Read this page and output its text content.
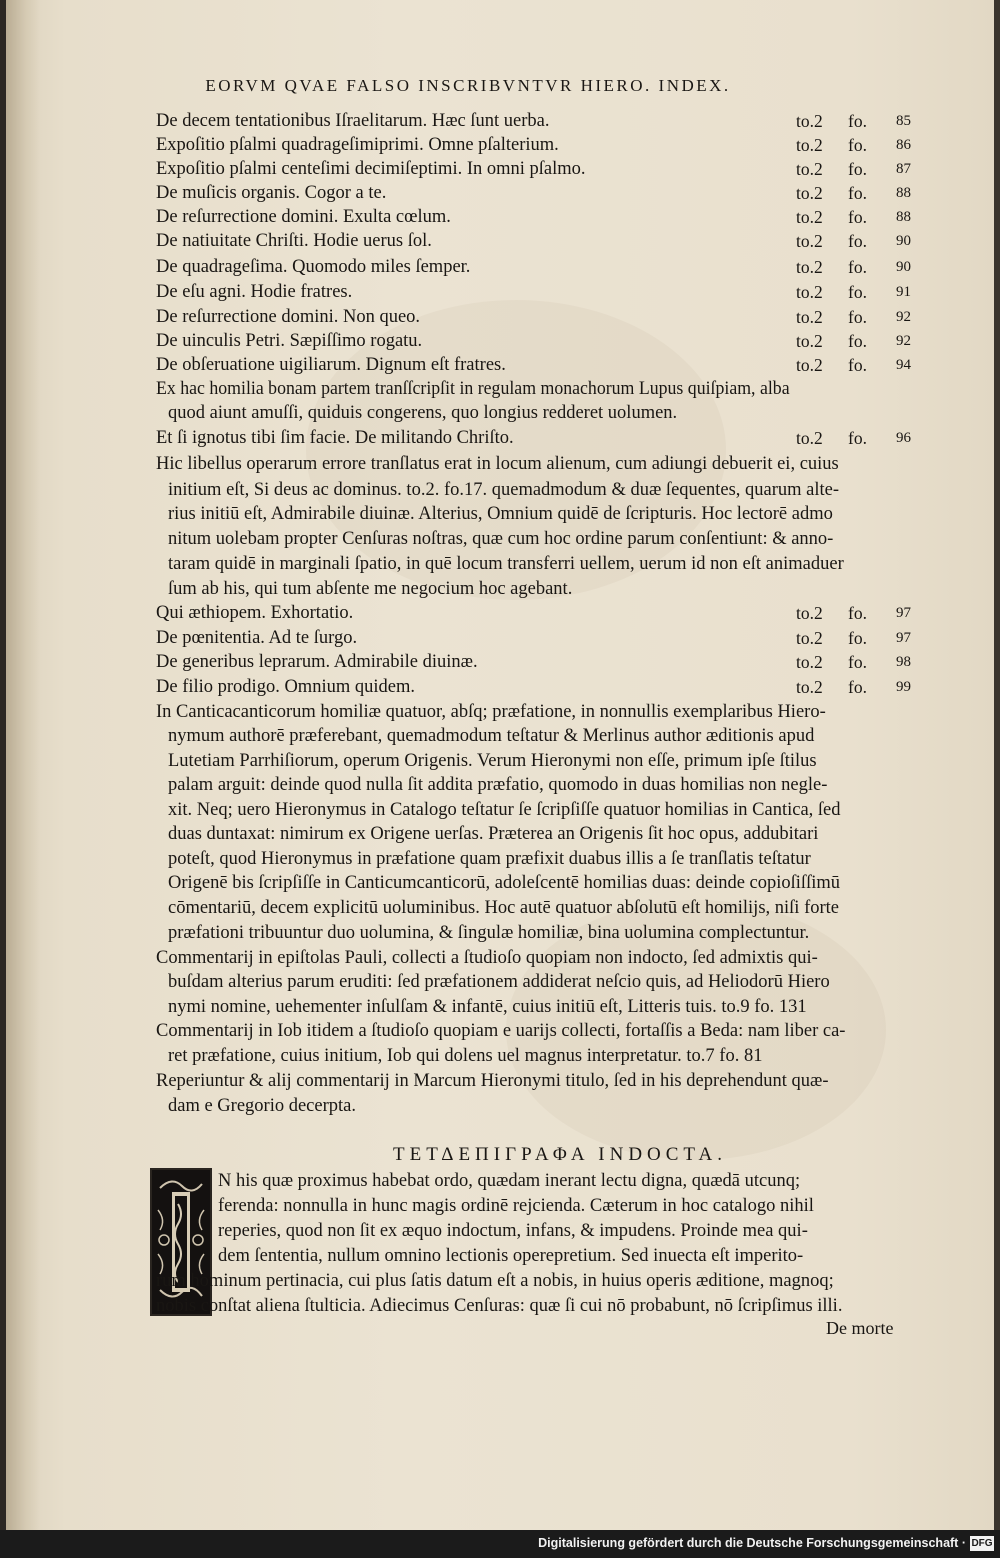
EORVM QVAE FALSO INSCRIBVNTVR HIERO. INDEX.
De decem tentationibus Iſraelitarum. Hæc ſunt uerba.	to.2 fo. 85
Expoſitio pſalmi quadrageſimiprimi. Omne pſalterium.	to.2 fo. 86
Expoſitio pſalmi centeſimi decimiſeptimi. In omni pſalmo.	to.2 fo. 87
De muſicis organis. Cogor a te.	to.2 fo. 88
De reſurrectione domini. Exulta cœlum.	to.2 fo. 88
De natiuitate Chriſti. Hodie uerus ſol.	to.2 fo. 90
De quadrageſima. Quomodo miles ſemper.	to.2 fo. 90
De eſu agni. Hodie fratres.	to.2 fo. 91
De reſurrectione domini. Non queo.	to.2 fo. 92
De uinculis Petri. Sæpiſſimo rogatu.	to.2 fo. 92
De obſeruatione uigiliarum. Dignum eſt fratres.	to.2 fo. 94
Ex hac homilia bonam partem tranſſcripſit in regulam monachorum Lupus quiſpiam, alba
quod aiunt amuſſi, quiduis congerens, quo longius redderet uolumen.
Et ſi ignotus tibi ſim facie. De militando Chriſto.	to.2 fo. 96
Hic libellus operarum errore tranſlatus erat in locum alienum, cum adiungi debuerit ei, cuius
initium eſt, Si deus ac dominus. to.2. fo.17. quemadmodum & duæ ſequentes, quarum alte-
rius initiū eſt, Admirabile diuinæ. Alterius, Omnium quidē de ſcripturis. Hoc lectorē admo
nitum uolebam propter Cenſuras noſtras, quæ cum hoc ordine parum conſentiunt: & anno-
taram quidē in marginali ſpatio, in quē locum transferri uellem, uerum id non eſt animaduer
ſum ab his, qui tum abſente me negocium hoc agebant.
Qui æthiopem. Exhortatio.	to.2 fo. 97
De pœnitentia. Ad te ſurgo.	to.2 fo. 97
De generibus leprarum. Admirabile diuinæ.	to.2 fo. 98
De filio prodigo. Omnium quidem.	to.2 fo. 99
In Canticacanticorum homiliæ quatuor, abſq; præfatione, in nonnullis exemplaribus Hiero-
nymum authorē præferebant, quemadmodum teſtatur & Merlinus author æditionis apud
Lutetiam Parrhiſiorum, operum Origenis. Verum Hieronymi non eſſe, primum ipſe ſtilus
palam arguit: deinde quod nulla ſit addita præfatio, quomodo in duas homilias non negle-
xit. Neq; uero Hieronymus in Catalogo teſtatur ſe ſcripſiſſe quatuor homilias in Cantica, ſed
duas duntaxat: nimirum ex Origene uerſas. Præterea an Origenis ſit hoc opus, addubitari
poteſt, quod Hieronymus in præfatione quam præfixit duabus illis a ſe tranſlatis teſtatur
Origenē bis ſcripſiſſe in Canticumcanticorū, adoleſcentē homilias duas: deinde copioſiſſimū
cōmentariū, decem explicitū uoluminibus. Hoc autē quatuor abſolutū eſt homilijs, niſi forte
præfationi tribuuntur duo uolumina, & ſingulæ homiliæ, bina uolumina complectuntur.
Commentarij in epiſtolas Pauli, collecti a ſtudioſo quopiam non indocto, ſed admixtis qui-
buſdam alterius parum eruditi: ſed præfationem addiderat neſcio quis, ad Heliodorū Hiero
nymi nomine, uehementer inſulſam & infantē, cuius initiū eſt, Litteris tuis. to.9 fo. 131
Commentarij in Iob itidem a ſtudioſo quopiam e uarijs collecti, fortaſſis a Beda: nam liber ca-
ret præfatione, cuius initium, Iob qui dolens uel magnus interpretatur. to.7 fo. 81
Reperiuntur & alij commentarij in Marcum Hieronymi titulo, ſed in his deprehendunt quæ-
dam e Gregorio decerpta.
ΤΕΤΔΕΠΙΓΡΑΦΑ INDOCTA.
N his quæ proximus habebat ordo, quædam inerant lectu digna, quædā utcunq;
ferenda: nonnulla in hunc magis ordinē rejcienda. Cæterum in hoc catalogo nihil
reperies, quod non ſit ex æquo indoctum, infans, & impudens. Proinde mea qui-
dem ſententia, nullum omnino lectionis operepretium. Sed inuecta eſt imperito-
rum hominum pertinacia, cui plus ſatis datum eſt a nobis, in huius operis æditione, magnoq;
nobis conſtat aliena ſtulticia. Adiecimus Cenſuras: quæ ſi cui nō probabunt, nō ſcripſimus illi.
De morte
Digitalisierung gefördert durch die Deutsche Forschungsgemeinschaft · DFG
